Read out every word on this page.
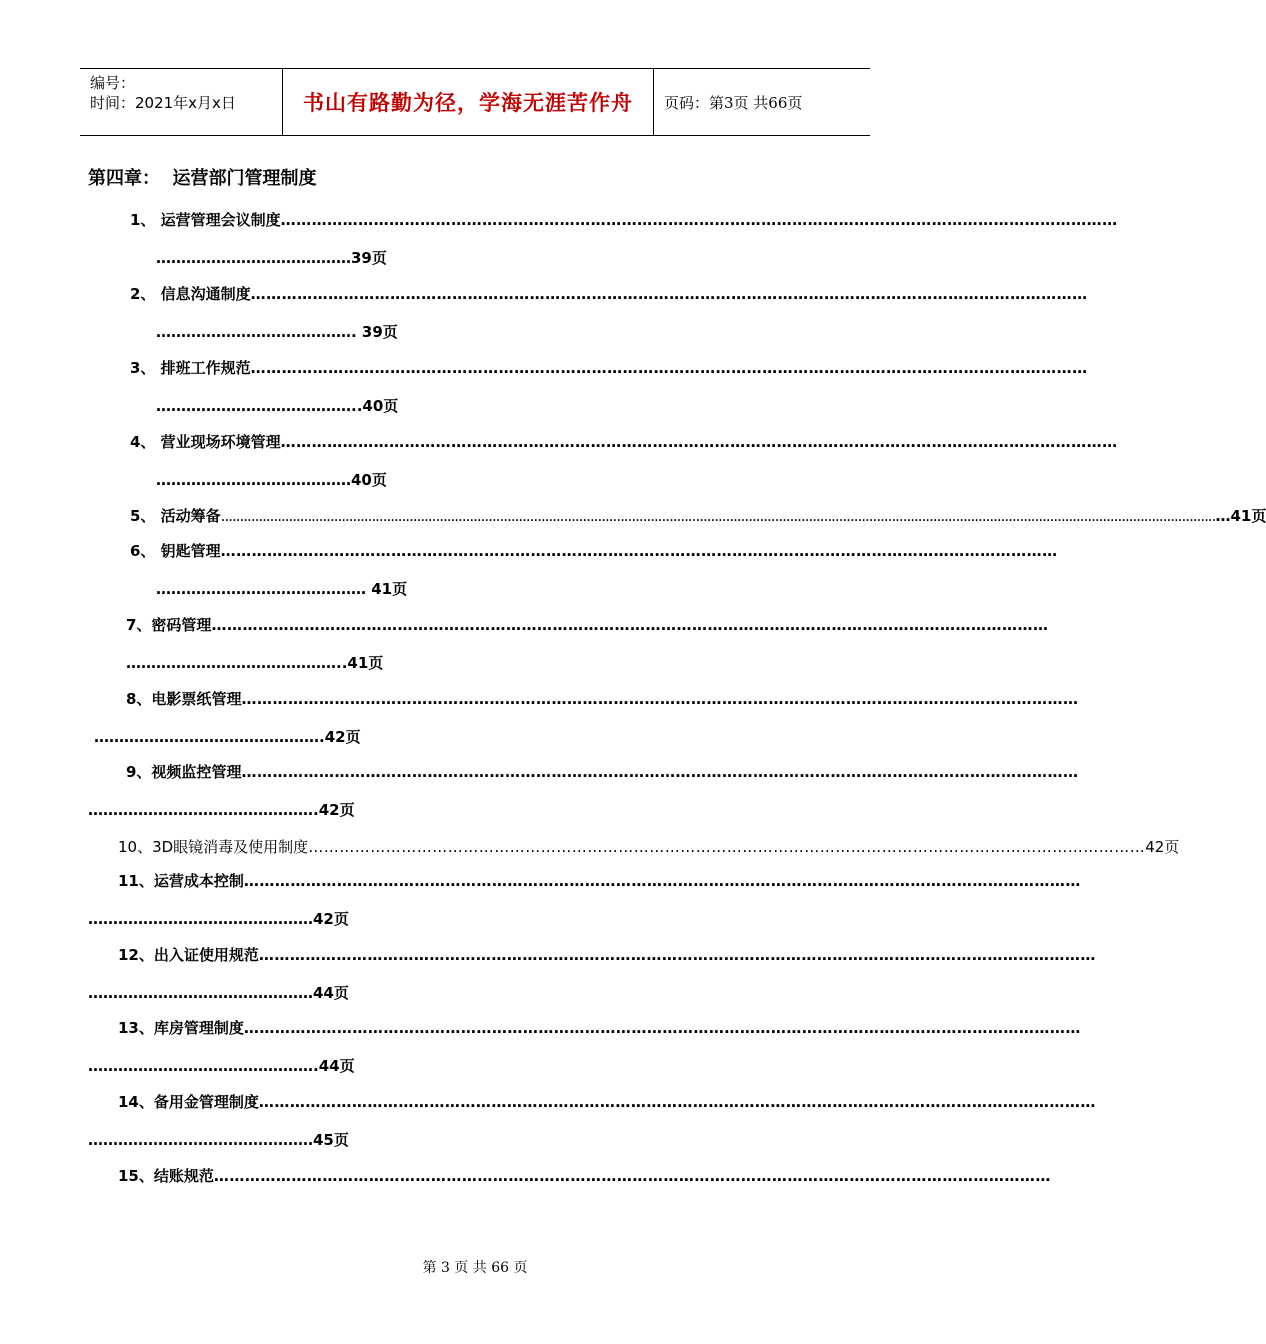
编号：
时间：2021年x月x日	书山有路勤为径，学海无涯苦作舟	页码：第3页 共66页
第四章：  运营部门管理制度
1、 运营管理会议制度 ………………………………………………………………………………………………………………………………………………
…………………………………39页
2、 信息沟通制度 ………………………………………………………………………………………………………………………………………………
…………………………………. 39页
3、 排班工作规范 ………………………………………………………………………………………………………………………………………………
…………………………………..40页
4、 营业现场环境管理 ………………………………………………………………………………………………………………………………………………
…………………………………40页
5、 活动筹备 ........................................................................................................................................................................................................................................................................ …41页
6、 钥匙管理 ………………………………………………………………………………………………………………………………………………
…………………………………… 41页
7、密码管理 ………………………………………………………………………………………………………………………………………………
……………………………………..41页
8、电影票纸管理 ………………………………………………………………………………………………………………………………………………
……………………………………….42页
9、视频监控管理 ………………………………………………………………………………………………………………………………………………
……………………………………….42页
10、3D眼镜消毒及使用制度 ……………………………………………………………………………………………………………………………………………… 42页
11、运营成本控制 ………………………………………………………………………………………………………………………………………………
………………………………………42页
12、出入证使用规范 ………………………………………………………………………………………………………………………………………………
………………………………………44页
13、库房管理制度 ………………………………………………………………………………………………………………………………………………
……………………………………….44页
14、备用金管理制度 ………………………………………………………………………………………………………………………………………………
………………………………………45页
15、结账规范 ………………………………………………………………………………………………………………………………………………
第 3 页 共 66 页
